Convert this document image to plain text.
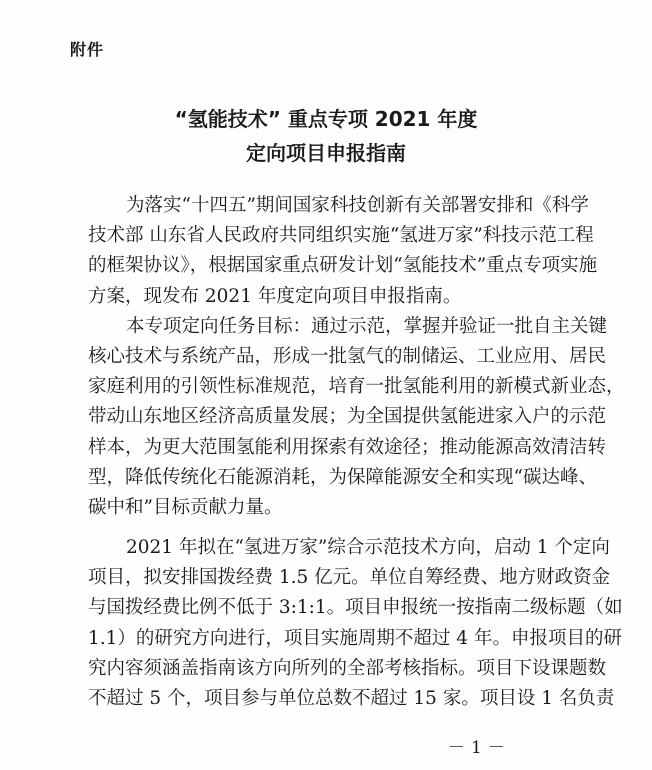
附件
“氢能技术” 重点专项 2021 年度
定向项目申报指南
为落实“十四五”期间国家科技创新有关部署安排和《科学
技术部 山东省人民政府共同组织实施“氢进万家”科技示范工程
的框架协议》，根据国家重点研发计划“氢能技术”重点专项实施
方案，现发布 2021 年度定向项目申报指南。
本专项定向任务目标：通过示范，掌握并验证一批自主关键
核心技术与系统产品，形成一批氢气的制储运、工业应用、居民
家庭利用的引领性标准规范，培育一批氢能利用的新模式新业态，
带动山东地区经济高质量发展；为全国提供氢能进家入户的示范
样本，为更大范围氢能利用探索有效途径；推动能源高效清洁转
型，降低传统化石能源消耗，为保障能源安全和实现“碳达峰、
碳中和”目标贡献力量。
2021 年拟在“氢进万家”综合示范技术方向，启动 1 个定向
项目，拟安排国拨经费 1.5 亿元。单位自筹经费、地方财政资金
与国拨经费比例不低于 3:1:1。项目申报统一按指南二级标题（如
1.1）的研究方向进行，项目实施周期不超过 4 年。申报项目的研
究内容须涵盖指南该方向所列的全部考核指标。项目下设课题数
不超过 5 个，项目参与单位总数不超过 15 家。项目设 1 名负责
－1－
